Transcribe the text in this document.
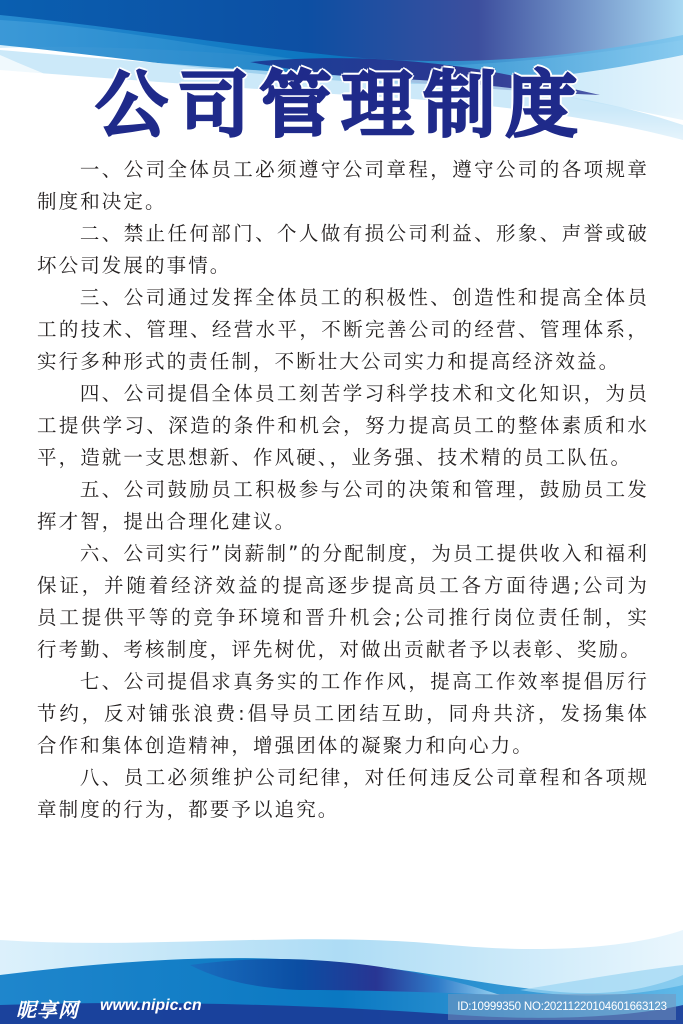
公司管理制度

一、公司全体员工必须遵守公司章程，遵守公司的各项规章制度和决定。

二、禁止任何部门、个人做有损公司利益、形象、声誉或破坏公司发展的事情。

三、公司通过发挥全体员工的积极性、创造性和提高全体员工的技术、管理、经营水平，不断完善公司的经营、管理体系，实行多种形式的责任制，不断壮大公司实力和提高经济效益。

四、公司提倡全体员工刻苦学习科学技术和文化知识，为员工提供学习、深造的条件和机会，努力提高员工的整体素质和水平，造就一支思想新、作风硬、，业务强、技术精的员工队伍。

五、公司鼓励员工积极参与公司的决策和管理，鼓励员工发挥才智，提出合理化建议。

六、公司实行”岗薪制”的分配制度，为员工提供收入和福利保证，并随着经济效益的提高逐步提高员工各方面待遇;公司为员工提供平等的竞争环境和晋升机会;公司推行岗位责任制，实行考勤、考核制度，评先树优，对做出贡献者予以表彰、奖励。

七、公司提倡求真务实的工作作风，提高工作效率提倡厉行节约，反对铺张浪费:倡导员工团结互助，同舟共济，发扬集体合作和集体创造精神，增强团体的凝聚力和向心力。

八、员工必须维护公司纪律，对任何违反公司章程和各项规章制度的行为，都要予以追究。

昵享网 www.nipic.cn	ID:10999350 NO:20211220104601663123
